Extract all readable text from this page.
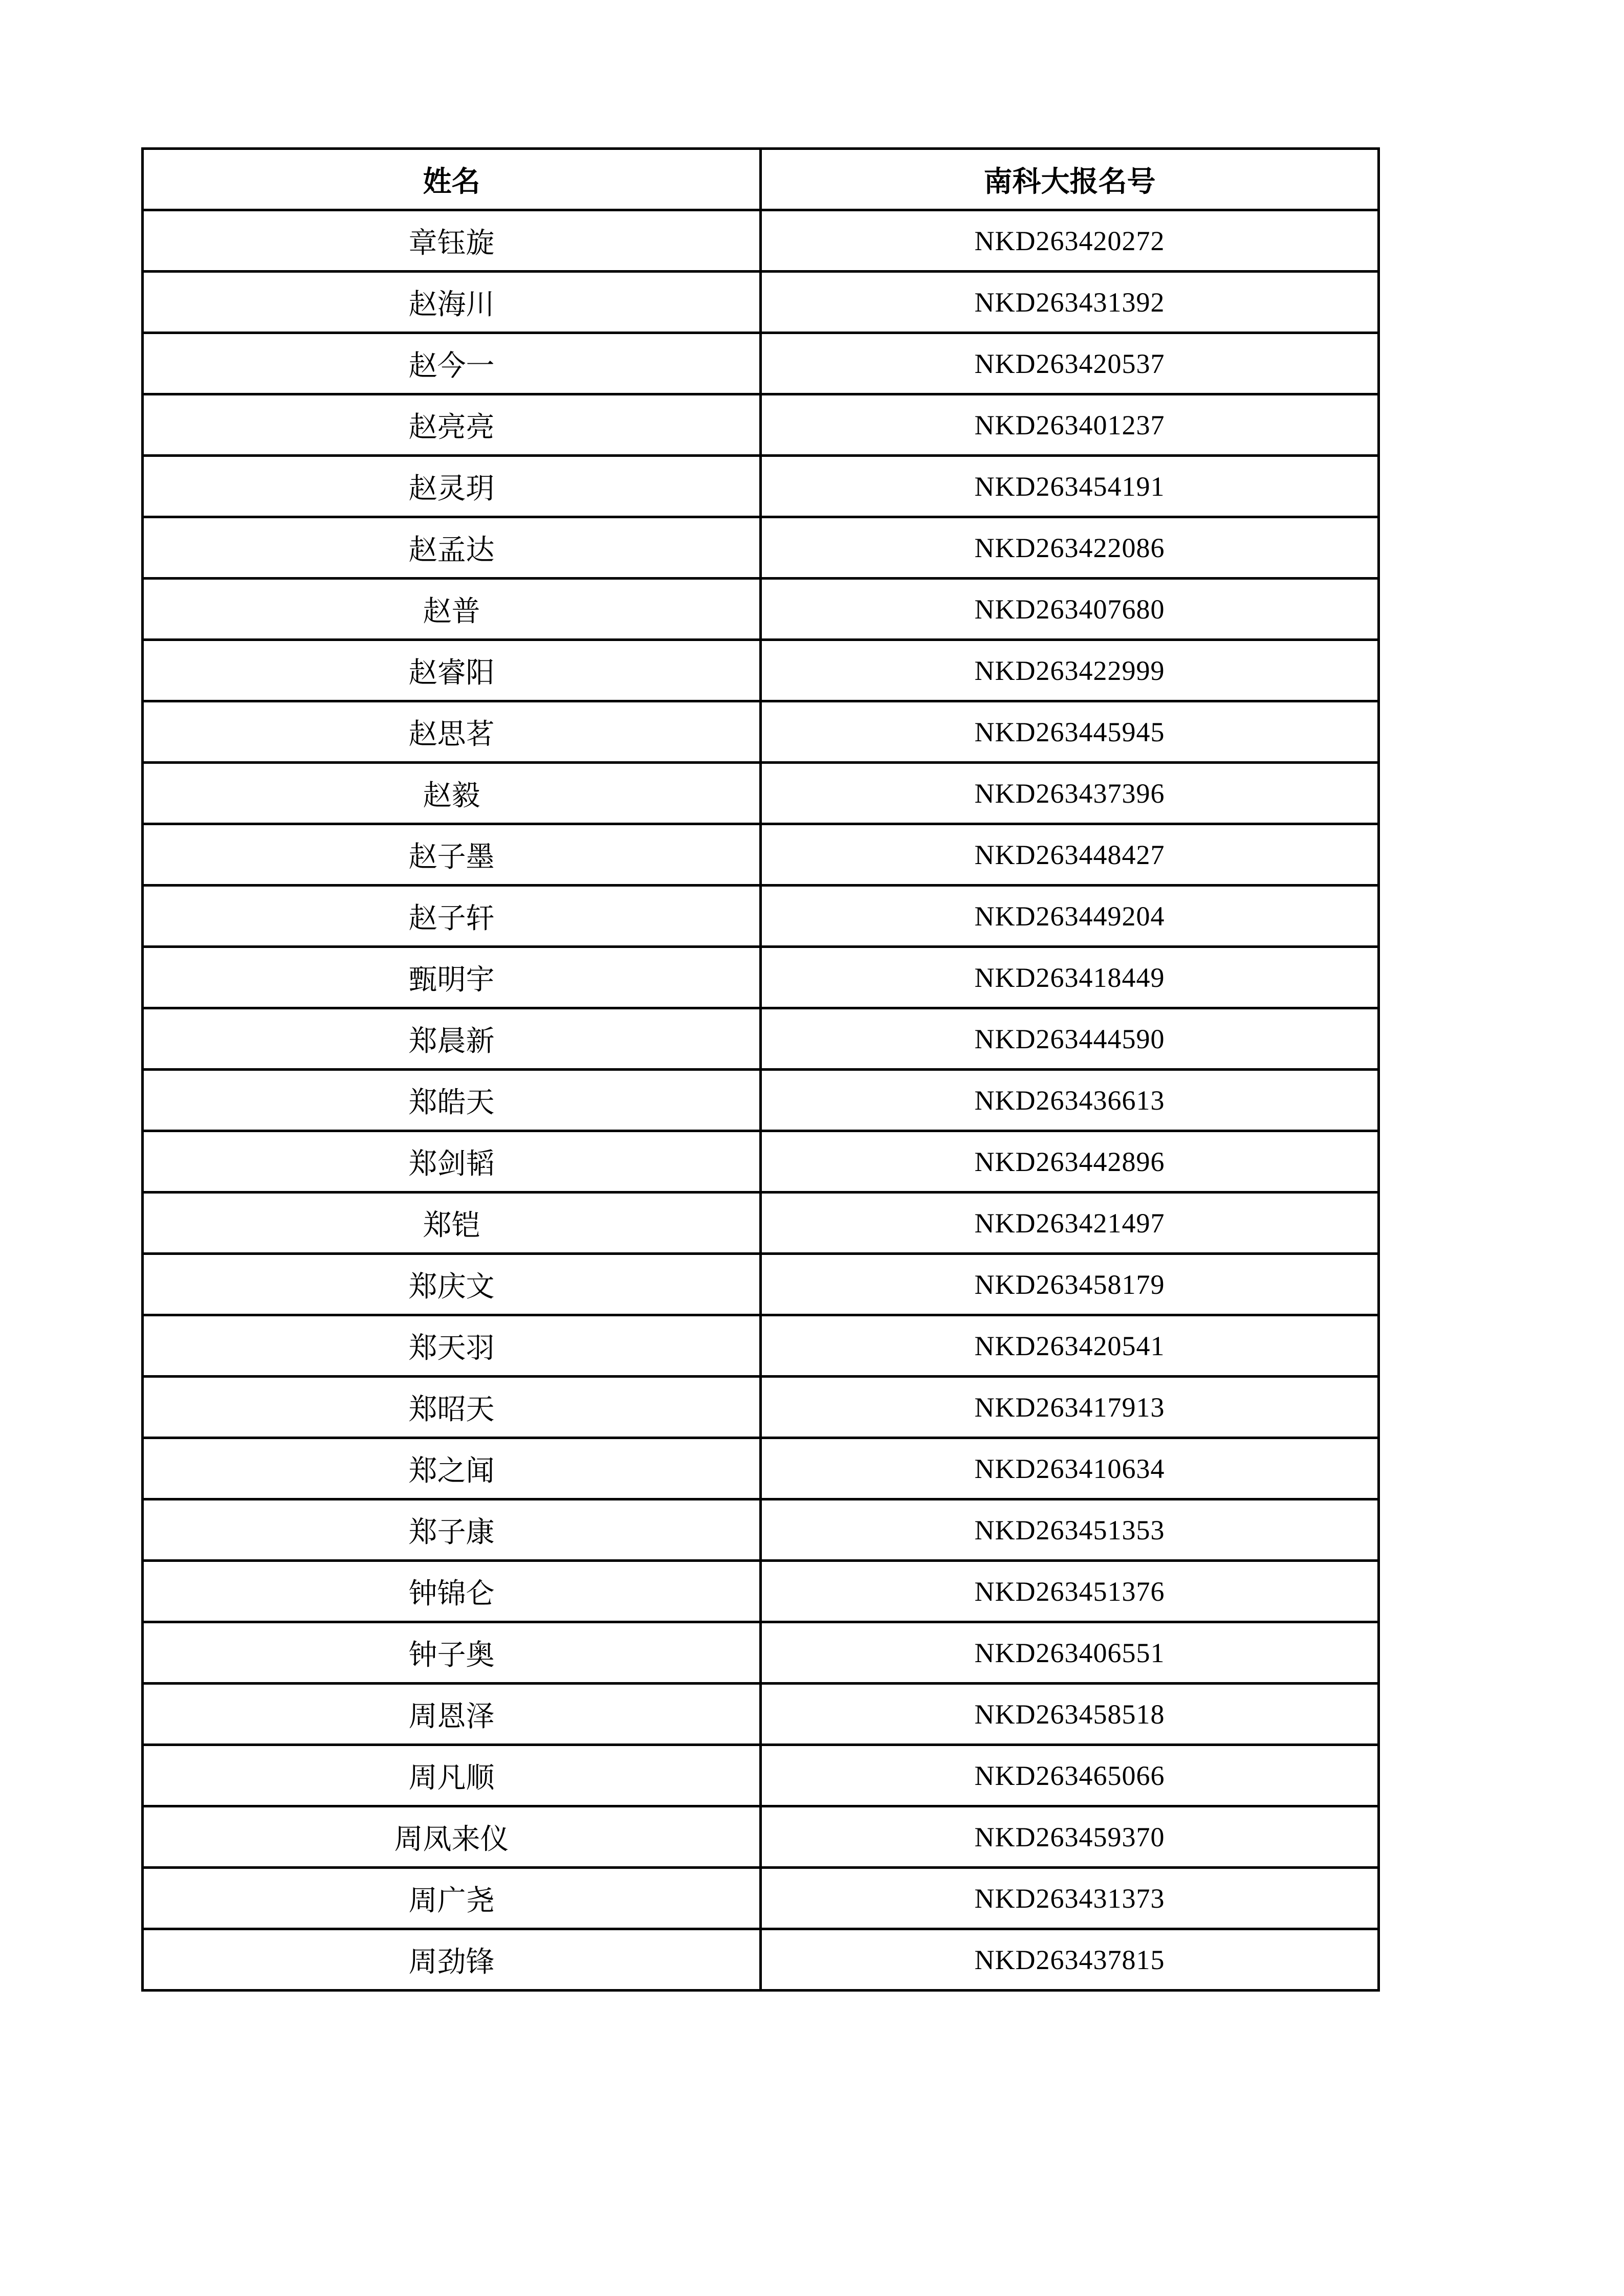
姓名	南科大报名号
章钰旋	NKD263420272
赵海川	NKD263431392
赵今一	NKD263420537
赵亮亮	NKD263401237
赵灵玥	NKD263454191
赵孟达	NKD263422086
赵普	NKD263407680
赵睿阳	NKD263422999
赵思茗	NKD263445945
赵毅	NKD263437396
赵子墨	NKD263448427
赵子轩	NKD263449204
甄明宇	NKD263418449
郑晨新	NKD263444590
郑皓天	NKD263436613
郑剑韬	NKD263442896
郑铠	NKD263421497
郑庆文	NKD263458179
郑天羽	NKD263420541
郑昭天	NKD263417913
郑之闻	NKD263410634
郑子康	NKD263451353
钟锦仑	NKD263451376
钟子奥	NKD263406551
周恩泽	NKD263458518
周凡顺	NKD263465066
周凤来仪	NKD263459370
周广尧	NKD263431373
周劲锋	NKD263437815
